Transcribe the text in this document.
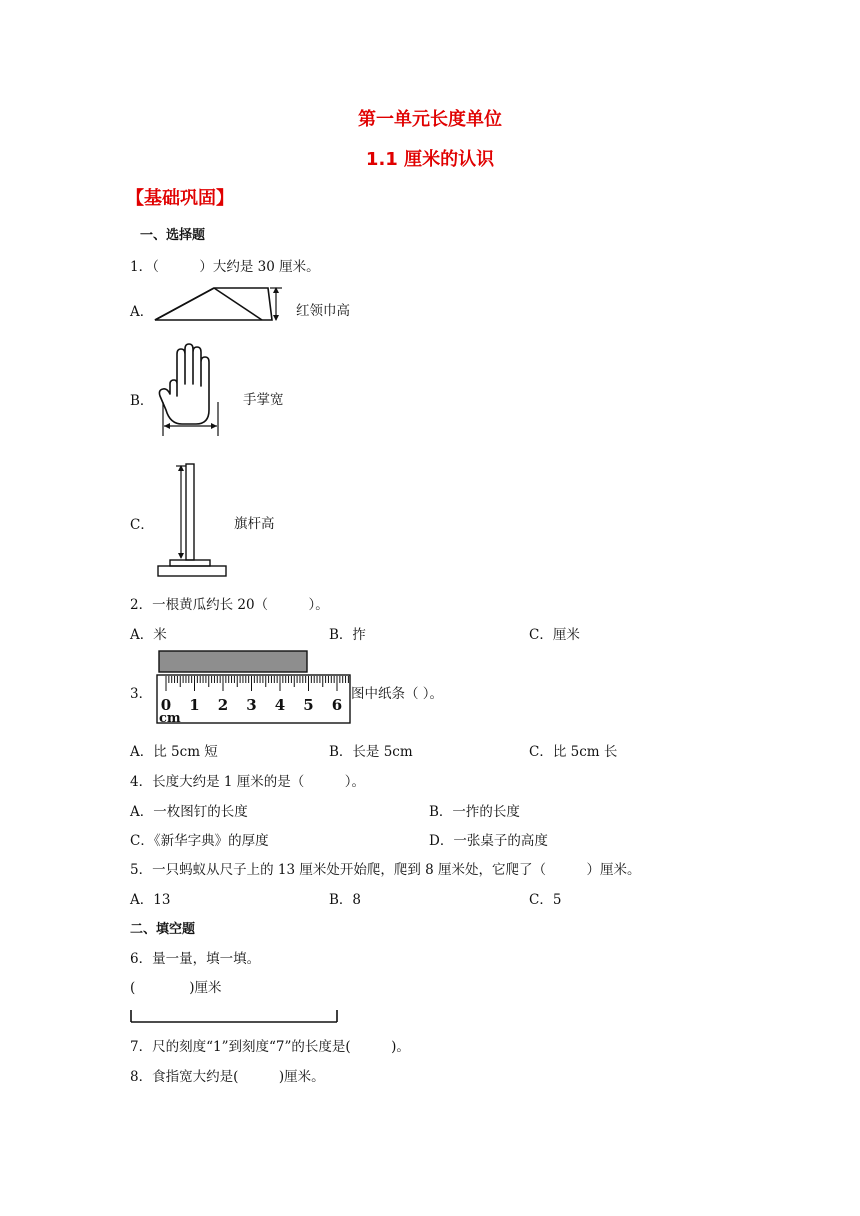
第一单元长度单位
1.1 厘米的认识
【基础巩固】
一、选择题
1．（　　　）大约是 30 厘米。
A．	红领巾高
B．	手掌宽
C．	旗杆高
2．一根黄瓜约长 20（　　　）。
A．米	B．拃	C．厘米
3．
0 1 2 3 4 5 6
cm
图中纸条（ ）。
A．比 5cm 短	B．长是 5cm	C．比 5cm 长
4．长度大约是 1 厘米的是（　　　）。
A．一枚图钉的长度	B．一拃的长度
C．《新华字典》的厚度	D．一张桌子的高度
5．一只蚂蚁从尺子上的 13 厘米处开始爬，爬到 8 厘米处，它爬了（　　　）厘米。
A．13	B．8	C．5
二、填空题
6．量一量，填一填。
(　　　　)厘米
7．尺的刻度“1”到刻度“7”的长度是(　　　)。
8．食指宽大约是(　　　)厘米。
